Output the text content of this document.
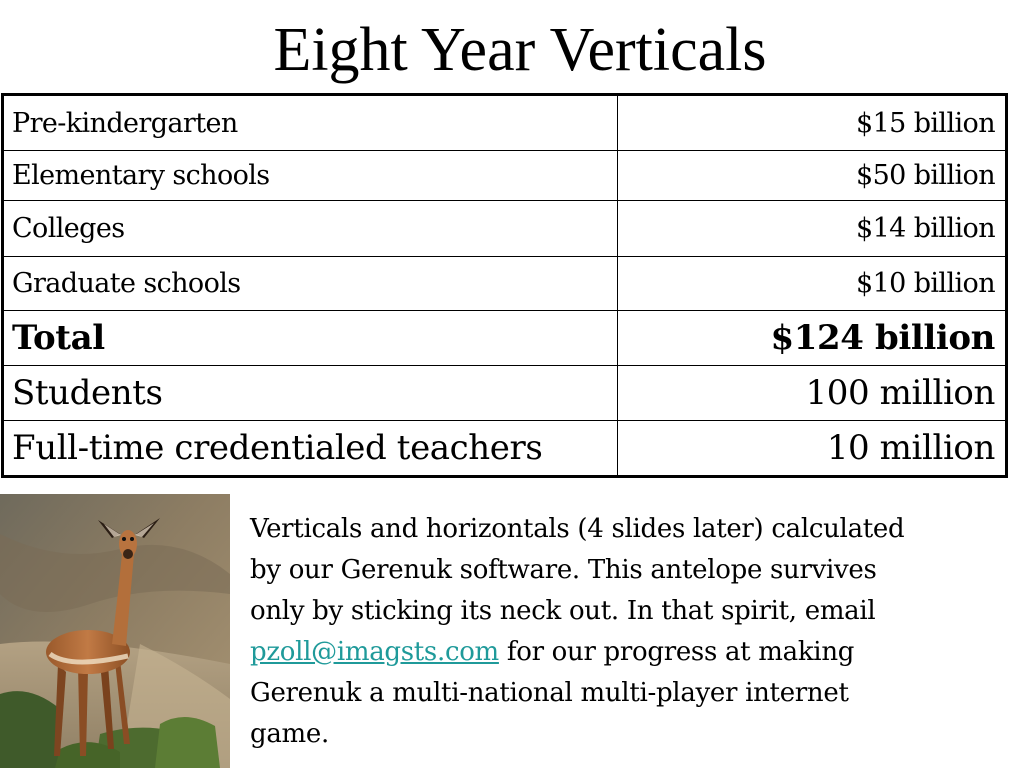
Eight Year Verticals
Pre-kindergarten	$15 billion
Elementary schools	$50 billion
Colleges	$14 billion
Graduate schools	$10 billion
Total	$124 billion
Students	100 million
Full-time credentialed teachers	10 million

Verticals and horizontals (4 slides later) calculated
by our Gerenuk software. This antelope survives
only by sticking its neck out. In that spirit, email
pzoll@imagsts.com for our progress at making
Gerenuk a multi-national multi-player internet
game.
